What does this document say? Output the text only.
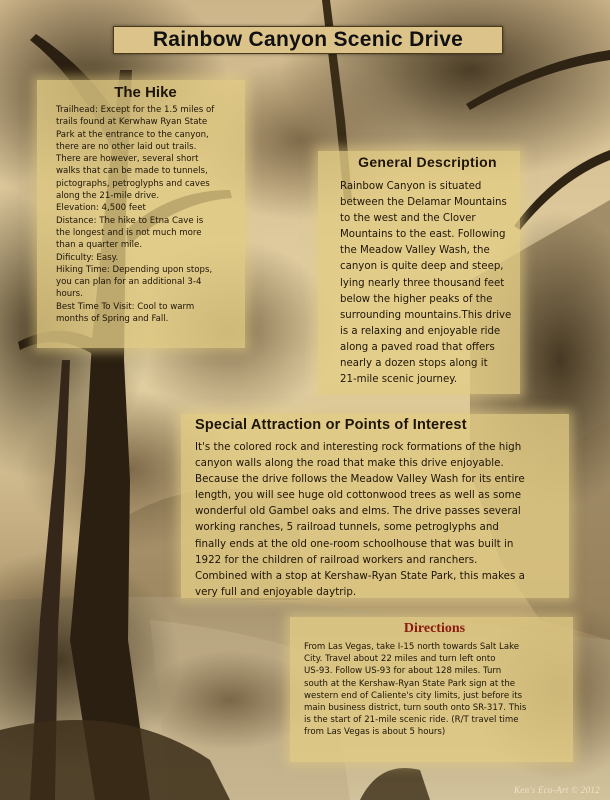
Rainbow Canyon Scenic Drive
The Hike

Trailhead: Except for the 1.5 miles of
trails found at Kerwhaw Ryan State
Park at the entrance to the canyon,
there are no other laid out trails.
There are however, several short
walks that can be made to tunnels,
pictographs, petroglyphs and caves
along the 21-mile drive.
Elevation: 4,500 feet
Distance: The hike to Etna Cave is
the longest and is not much more
than a quarter mile.
Dificulty: Easy.
Hiking Time: Depending upon stops,
you can plan for an additional 3-4
hours.
Best Time To Visit: Cool to warm
months of Spring and Fall.

General Description

Rainbow Canyon is situated
between the Delamar Mountains
to the west and the Clover
Mountains to the east. Following
the Meadow Valley Wash, the
canyon is quite deep and steep,
lying nearly three thousand feet
below the higher peaks of the
surrounding mountains.This drive
is a relaxing and enjoyable ride
along a paved road that offers
nearly a dozen stops along it
21-mile scenic journey.

Special Attraction or Points of Interest

It's the colored rock and interesting rock formations of the high
canyon walls along the road that make this drive enjoyable.
Because the drive follows the Meadow Valley Wash for its entire
length, you will see huge old cottonwood trees as well as some
wonderful old Gambel oaks and elms. The drive passes several
working ranches, 5 railroad tunnels, some petroglyphs and
finally ends at the old one-room schoolhouse that was built in
1922 for the children of railroad workers and ranchers.
Combined with a stop at Kershaw-Ryan State Park, this makes a
very full and enjoyable daytrip.

Directions

From Las Vegas, take I-15 north towards Salt Lake
City. Travel about 22 miles and turn left onto
US-93. Follow US-93 for about 128 miles. Turn
south at the Kershaw-Ryan State Park sign at the
western end of Caliente's city limits, just before its
main business district, turn south onto SR-317. This
is the start of 21-mile scenic ride. (R/T travel time
from Las Vegas is about 5 hours)

Ken's Eco-Art © 2012
